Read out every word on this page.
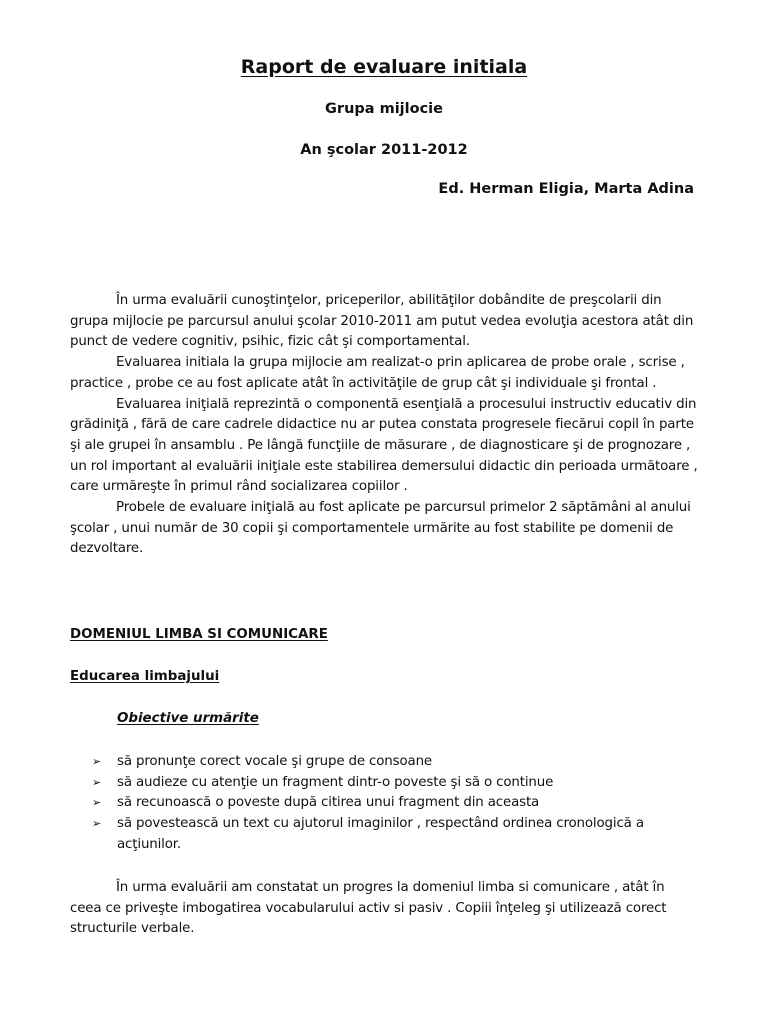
Raport de evaluare initiala
Grupa mijlocie
An şcolar 2011-2012
Ed. Herman Eligia, Marta Adina

În urma evaluării cunoştinţelor, priceperilor, abilităţilor dobândite de preşcolarii din grupa mijlocie pe parcursul anului şcolar 2010-2011 am putut vedea evoluţia acestora atât din punct de vedere cognitiv, psihic, fizic cât şi comportamental.

Evaluarea initiala la grupa mijlocie am realizat-o prin aplicarea de probe orale , scrise , practice , probe ce au fost aplicate atât în activităţile de grup cât şi individuale şi frontal .

Evaluarea iniţială reprezintă o componentă esenţială a procesului instructiv educativ din grădiniţă , fără de care cadrele didactice nu ar putea constata progresele fiecărui copil în parte şi ale grupei în ansamblu . Pe lângă funcţiile de măsurare , de diagnosticare şi de prognozare , un rol important al evaluării iniţiale este stabilirea demersului didactic din perioada următoare , care urmăreşte în primul rând socializarea copiilor .

Probele de evaluare iniţială au fost aplicate pe parcursul primelor 2 săptămâni al anului şcolar , unui număr de 30 copii şi comportamentele urmărite au fost stabilite pe domenii de dezvoltare.

DOMENIUL LIMBA SI COMUNICARE
Educarea limbajului
Obiective urmărite
➢ să pronunţe corect vocale şi grupe de consoane
➢ să audieze cu atenţie un fragment dintr-o poveste şi să o continue
➢ să recunoască o poveste după citirea unui fragment din aceasta
➢ să povestească un text cu ajutorul imaginilor , respectând ordinea cronologică a acţiunilor.

În urma evaluării am constatat un progres la domeniul limba si comunicare , atât în ceea ce priveşte imbogatirea vocabularului activ si pasiv . Copiii înţeleg şi utilizează corect structurile verbale.
